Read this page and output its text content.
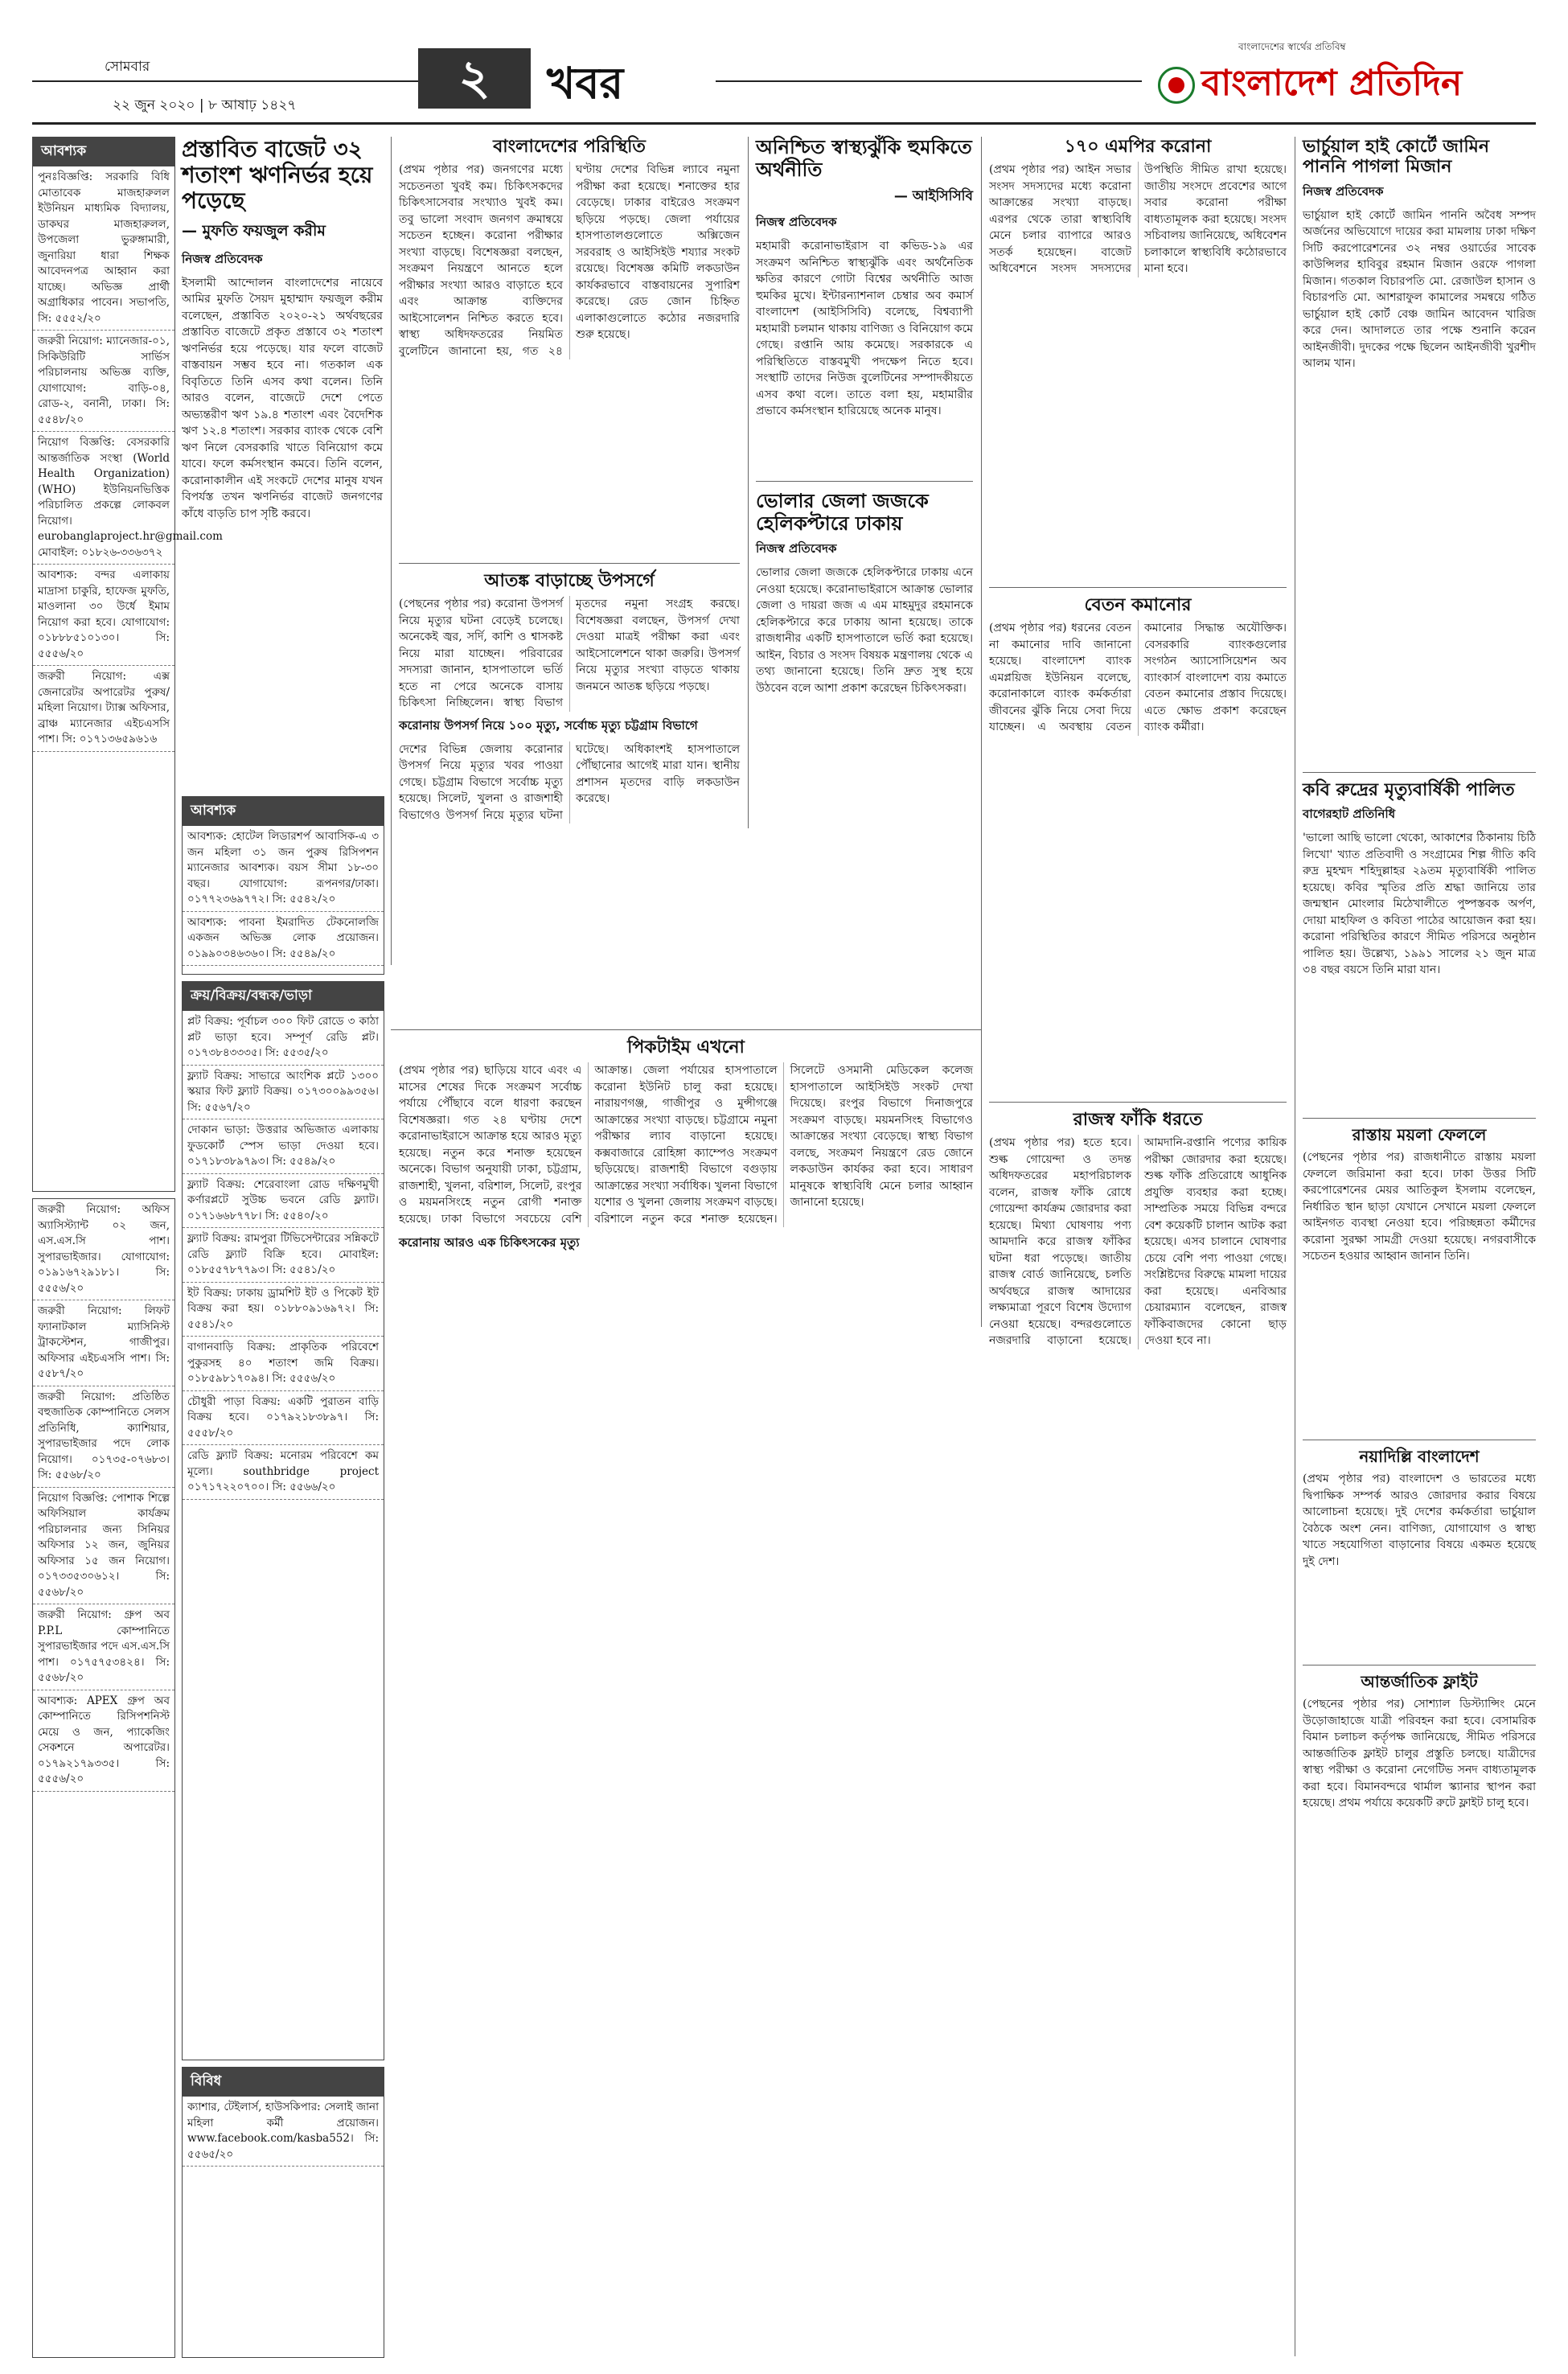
সোমবার
২২ জুন ২০২০ | ৮ আষাঢ় ১৪২৭	২	খবর
বাংলাদেশের স্বার্থের প্রতিবিম্ব
বাংলাদেশ প্রতিদিন
আবশ্যক

পুনঃবিজ্ঞপ্তি: সরকারি বিধি মোতাবেক মাজহারুলল ইউনিয়ন মাধ্যমিক বিদ্যালয়, ডাকঘর মাজহারুলল, উপজেলা ভুরুঙ্গামারী, জুনারিয়া ধারা শিক্ষক আবেদনপত্র আহ্বান করা যাচ্ছে। অভিজ্ঞ প্রার্থী অগ্রাধিকার পাবেন। সভাপতি, সি: ৫৫৫২/২০

জরুরী নিয়োগ: ম্যানেজার-০১, সিকিউরিটি সার্ভিস পরিচালনায় অভিজ্ঞ ব্যক্তি, যোগাযোগ: বাড়ি-০৪, রোড-২, বনানী, ঢাকা। সি: ৫৫৪৮/২০

নিয়োগ বিজ্ঞপ্তি: বেসরকারি আন্তর্জাতিক সংস্থা (World Health Organization) (WHO) ইউনিয়নভিত্তিক পরিচালিত প্রকল্পে লোকবল নিয়োগ। eurobanglaproject.hr@gmail.com মোবাইল: ০১৮২৬-৩৩৬৩৭২

আবশ্যক: বন্দর এলাকায় মাদ্রাসা চাকুরি, হাফেজ মুফতি, মাওলানা ৩০ উর্ধে ইমাম নিয়োগ করা হবে। যোগাযোগ: ০১৮৮৮৫১০১৩০। সি: ৫৫৫৬/২০

জরুরী নিয়োগ: এক্স জেনারেটর অপারেটর পুরুষ/মহিলা নিয়োগ। ট্যাক্স অফিসার, ব্রাঞ্চ ম্যানেজার এইচএসসি পাশ। সি: ০১৭১৩৬৫৯৬১৬

আবশ্যক

আবশ্যক: হোটেল লিডারশর্প আবাসিক-এ ৩ জন মহিলা ৩১ জন পুরুষ রিসিপশন ম্যানেজার আবশ্যক। বয়স সীমা ১৮-৩০ বছর। যোগাযোগ: রূপনগর/ঢাকা। ০১৭৭২৩৬৯৭৭২। সি: ৫৫৪২/২০

আবশ্যক: পাবনা ইমরাদিত টেকনোলজি একজন অভিজ্ঞ লোক প্রয়োজন। ০১৯৯০৩৪৬৩৬০। সি: ৫৫৪৯/২০

ক্রয়/বিক্রয়/বন্ধক/ভাড়া

প্লট বিক্রয়: পূর্বাচল ৩০০ ফিট রোডে ৩ কাঠা প্লট ভাড়া হবে। সম্পূর্ণ রেডি প্লট। ০১৭৩৮৪৩৩৩৫। সি: ৫৫৩৫/২০

ফ্ল্যাট বিক্রয়: সাভারে আংশিক প্লটে ১৩০০ স্কয়ার ফিট ফ্ল্যাট বিক্রয়। ০১৭৩০০৯৯৩৫৬। সি: ৫৫৬৭/২০

দোকান ভাড়া: উত্তরার অভিজাত এলাকায় ফুডকোর্ট স্পেস ভাড়া দেওয়া হবে। ০১৭১৮৩৮৯৭৯৩। সি: ৫৫৪৯/২০

ফ্ল্যাট বিক্রয়: শেরেবাংলা রোড দক্ষিণমুখী কর্ণারপ্লটে সুউচ্চ ভবনে রেডি ফ্ল্যাট। ০১৭১৬৬৮৭৭৮। সি: ৫৫৪০/২০

ফ্ল্যাট বিক্রয়: রামপুরা টিভিসেন্টারের সন্নিকটে রেডি ফ্ল্যাট বিক্রি হবে। মোবাইল: ০১৮৫৫৭৮৭৭৯৩। সি: ৫৫৪১/২০

ইট বিক্রয়: ঢাকায় ড্রামশিট ইট ও পিকেট ইট বিক্রয় করা হয়। ০১৮৮০৯১৬৯৭২। সি: ৫৫৪১/২০

বাগানবাড়ি বিক্রয়: প্রাকৃতিক পরিবেশে পুকুরসহ ৪০ শতাংশ জমি বিক্রয়। ০১৮৫৯৮১৭০৯৪। সি: ৫৫৫৬/২০

চৌধুরী পাড়া বিক্রয়: একটি পুরাতন বাড়ি বিক্রয় হবে। ০১৭৯২১৮৩৮৯৭। সি: ৫৫৫৮/২০

রেডি ফ্ল্যাট বিক্রয়: মনোরম পরিবেশে কম মূল্যে। southbridge project ০১৭১৭২২০৭০০। সি: ৫৫৬৬/২০

বিবিধ

ক্যাশার, টেইলার্স, হাউসকিপার: সেলাই জানা মহিলা কর্মী প্রয়োজন। www.facebook.com/kasba552। সি: ৫৫৬৫/২০

জরুরী নিয়োগ: অফিস অ্যাসিস্ট্যান্ট ০২ জন, এস.এস.সি পাশ। সুপারভাইজার। যোগাযোগ: ০১৯১৬৭২৯১৮১। সি: ৫৫৫৬/২০

জরুরী নিয়োগ: লিফট ফ্যানাটকাল ম্যাসিনিস্ট ট্রাকস্টেশন, গাজীপুর। অফিসার এইচএসসি পাশ। সি: ৫৫৮৭/২০

জরুরী নিয়োগ: প্রতিষ্ঠিত বহুজাতিক কোম্পানিতে সেলস প্রতিনিধি, ক্যাশিয়ার, সুপারভাইজার পদে লোক নিয়োগ। ০১৭৩৫-০৭৬৮৩। সি: ৫৫৬৮/২০

নিয়োগ বিজ্ঞপ্তি: পোশাক শিল্পে অফিসিয়াল কার্যক্রম পরিচালনার জন্য সিনিয়র অফিসার ১২ জন, জুনিয়র অফিসার ১৫ জন নিয়োগ। ০১৭৩৩৫৩০৬১২। সি: ৫৫৬৮/২০

জরুরী নিয়োগ: গ্রুপ অব P.P.L কোম্পানিতে সুপারভাইজার পদে এস.এস.সি পাশ। ০১৭৫৭৫৩৪২৪। সি: ৫৫৬৮/২০

আবশ্যক: APEX গ্রুপ অব কোম্পানিতে রিসিপশনিস্ট মেয়ে ও জন, প্যাকেজিং সেকশনে অপারেটর। ০১৭৯২১৭৯৩৩৫। সি: ৫৫৫৬/২০

প্রস্তাবিত বাজেট ৩২ শতাংশ ঋণনির্ভর হয়ে পড়েছে
— মুফতি ফয়জুল করীম
নিজস্ব প্রতিবেদক

ইসলামী আন্দোলন বাংলাদেশের নায়েবে আমির মুফতি সৈয়দ মুহাম্মাদ ফয়জুল করীম বলেছেন, প্রস্তাবিত ২০২০-২১ অর্থবছরের প্রস্তাবিত বাজেটে প্রকৃত প্রস্তাবে ৩২ শতাংশ ঋণনির্ভর হয়ে পড়েছে। যার ফলে বাজেট বাস্তবায়ন সম্ভব হবে না। গতকাল এক বিবৃতিতে তিনি এসব কথা বলেন। তিনি আরও বলেন, বাজেটে দেশে পেতে অভ্যন্তরীণ ঋণ ১৯.৪ শতাংশ এবং বৈদেশিক ঋণ ১২.৪ শতাংশ। সরকার ব্যাংক থেকে বেশি ঋণ নিলে বেসরকারি খাতে বিনিয়োগ কমে যাবে। ফলে কর্মসংস্থান কমবে। তিনি বলেন, করোনাকালীন এই সংকটে দেশের মানুষ যখন বিপর্যস্ত তখন ঋণনির্ভর বাজেট জনগণের কাঁধে বাড়তি চাপ সৃষ্টি করবে।

বাংলাদেশের পরিস্থিতি

(প্রথম পৃষ্ঠার পর) জনগণের মধ্যে সচেতনতা খুবই কম। চিকিৎসকদের চিকিৎসাসেবার সংখ্যাও খুবই কম। তবু ভালো সংবাদ জনগণ ক্রমান্বয়ে সচেতন হচ্ছেন। করোনা পরীক্ষার সংখ্যা বাড়ছে। বিশেষজ্ঞরা বলছেন, সংক্রমণ নিয়ন্ত্রণে আনতে হলে পরীক্ষার সংখ্যা আরও বাড়াতে হবে এবং আক্রান্ত ব্যক্তিদের আইসোলেশন নিশ্চিত করতে হবে। স্বাস্থ্য অধিদফতরের নিয়মিত বুলেটিনে জানানো হয়, গত ২৪ ঘণ্টায় দেশের বিভিন্ন ল্যাবে নমুনা পরীক্ষা করা হয়েছে। শনাক্তের হার বেড়েছে। ঢাকার বাইরেও সংক্রমণ ছড়িয়ে পড়ছে। জেলা পর্যায়ের হাসপাতালগুলোতে অক্সিজেন সরবরাহ ও আইসিইউ শয্যার সংকট রয়েছে। বিশেষজ্ঞ কমিটি লকডাউন কার্যকরভাবে বাস্তবায়নের সুপারিশ করেছে। রেড জোন চিহ্নিত এলাকাগুলোতে কঠোর নজরদারি শুরু হয়েছে।

অনিশ্চিত স্বাস্থ্যঝুঁকি হুমকিতে অর্থনীতি
— আইসিসিবি
নিজস্ব প্রতিবেদক

মহামারী করোনাভাইরাস বা কভিড-১৯ এর সংক্রমণ অনিশ্চিত স্বাস্থ্যঝুঁকি এবং অর্থনৈতিক ক্ষতির কারণে গোটা বিশ্বের অর্থনীতি আজ হুমকির মুখে। ইন্টারন্যাশনাল চেম্বার অব কমার্স বাংলাদেশ (আইসিসিবি) বলেছে, বিশ্বব্যাপী মহামারী চলমান থাকায় বাণিজ্য ও বিনিয়োগ কমে গেছে। রপ্তানি আয় কমেছে। সরকারকে এ পরিস্থিতিতে বাস্তবমুখী পদক্ষেপ নিতে হবে। সংস্থাটি তাদের নিউজ বুলেটিনের সম্পাদকীয়তে এসব কথা বলে। তাতে বলা হয়, মহামারীর প্রভাবে কর্মসংস্থান হারিয়েছে অনেক মানুষ।

ভোলার জেলা জজকে হেলিকপ্টারে ঢাকায়
নিজস্ব প্রতিবেদক

ভোলার জেলা জজকে হেলিকপ্টারে ঢাকায় এনে নেওয়া হয়েছে। করোনাভাইরাসে আক্রান্ত ভোলার জেলা ও দায়রা জজ এ এম মাহমুদুর রহমানকে হেলিকপ্টারে করে ঢাকায় আনা হয়েছে। তাকে রাজধানীর একটি হাসপাতালে ভর্তি করা হয়েছে। আইন, বিচার ও সংসদ বিষয়ক মন্ত্রণালয় থেকে এ তথ্য জানানো হয়েছে। তিনি দ্রুত সুস্থ হয়ে উঠবেন বলে আশা প্রকাশ করেছেন চিকিৎসকরা।

আতঙ্ক বাড়াচ্ছে উপসর্গে

(পেছনের পৃষ্ঠার পর) করোনা উপসর্গ নিয়ে মৃত্যুর ঘটনা বেড়েই চলেছে। অনেকেই জ্বর, সর্দি, কাশি ও শ্বাসকষ্ট নিয়ে মারা যাচ্ছেন। পরিবারের সদস্যরা জানান, হাসপাতালে ভর্তি হতে না পেরে অনেকে বাসায় চিকিৎসা নিচ্ছিলেন। স্বাস্থ্য বিভাগ মৃতদের নমুনা সংগ্রহ করছে। বিশেষজ্ঞরা বলছেন, উপসর্গ দেখা দেওয়া মাত্রই পরীক্ষা করা এবং আইসোলেশনে থাকা জরুরি। উপসর্গ নিয়ে মৃত্যুর সংখ্যা বাড়তে থাকায় জনমনে আতঙ্ক ছড়িয়ে পড়ছে।

করোনায় উপসর্গ নিয়ে ১০০ মৃত্যু, সর্বোচ্চ মৃত্যু চট্টগ্রাম বিভাগে

দেশের বিভিন্ন জেলায় করোনার উপসর্গ নিয়ে মৃত্যুর খবর পাওয়া গেছে। চট্টগ্রাম বিভাগে সর্বোচ্চ মৃত্যু হয়েছে। সিলেট, খুলনা ও রাজশাহী বিভাগেও উপসর্গ নিয়ে মৃত্যুর ঘটনা ঘটেছে। অধিকাংশই হাসপাতালে পৌঁছানোর আগেই মারা যান। স্থানীয় প্রশাসন মৃতদের বাড়ি লকডাউন করেছে।

১৭০ এমপির করোনা

(প্রথম পৃষ্ঠার পর) আইন সভার সংসদ সদস্যদের মধ্যে করোনা আক্রান্তের সংখ্যা বাড়ছে। এরপর থেকে তারা স্বাস্থ্যবিধি মেনে চলার ব্যাপারে আরও সতর্ক হয়েছেন। বাজেট অধিবেশনে সংসদ সদস্যদের উপস্থিতি সীমিত রাখা হয়েছে। জাতীয় সংসদে প্রবেশের আগে সবার করোনা পরীক্ষা বাধ্যতামূলক করা হয়েছে। সংসদ সচিবালয় জানিয়েছে, অধিবেশন চলাকালে স্বাস্থ্যবিধি কঠোরভাবে মানা হবে।

বেতন কমানোর

(প্রথম পৃষ্ঠার পর) ধরনের বেতন না কমানোর দাবি জানানো হয়েছে। বাংলাদেশ ব্যাংক এমপ্লয়িজ ইউনিয়ন বলেছে, করোনাকালে ব্যাংক কর্মকর্তারা জীবনের ঝুঁকি নিয়ে সেবা দিয়ে যাচ্ছেন। এ অবস্থায় বেতন কমানোর সিদ্ধান্ত অযৌক্তিক। বেসরকারি ব্যাংকগুলোর সংগঠন অ্যাসোসিয়েশন অব ব্যাংকার্স বাংলাদেশ ব্যয় কমাতে বেতন কমানোর প্রস্তাব দিয়েছে। এতে ক্ষোভ প্রকাশ করেছেন ব্যাংক কর্মীরা।

ভার্চুয়াল হাই কোর্টে জামিন পাননি পাগলা মিজান
নিজস্ব প্রতিবেদক

ভার্চুয়াল হাই কোর্টে জামিন পাননি অবৈধ সম্পদ অর্জনের অভিযোগে দায়ের করা মামলায় ঢাকা দক্ষিণ সিটি করপোরেশনের ৩২ নম্বর ওয়ার্ডের সাবেক কাউন্সিলর হাবিবুর রহমান মিজান ওরফে পাগলা মিজান। গতকাল বিচারপতি মো. রেজাউল হাসান ও বিচারপতি মো. আশরাফুল কামালের সমন্বয়ে গঠিত ভার্চুয়াল হাই কোর্ট বেঞ্চ জামিন আবেদন খারিজ করে দেন। আদালতে তার পক্ষে শুনানি করেন আইনজীবী। দুদকের পক্ষে ছিলেন আইনজীবী খুরশীদ আলম খান।

কবি রুদ্রের মৃত্যুবার্ষিকী পালিত
বাগেরহাট প্রতিনিধি

'ভালো আছি ভালো থেকো, আকাশের ঠিকানায় চিঠি লিখো' খ্যাত প্রতিবাদী ও সংগ্রামের শিল্প গীতি কবি রুদ্র মুহম্মদ শহিদুল্লাহর ২৯তম মৃত্যুবার্ষিকী পালিত হয়েছে। কবির স্মৃতির প্রতি শ্রদ্ধা জানিয়ে তার জন্মস্থান মোংলার মিঠেখালীতে পুষ্পস্তবক অর্পণ, দোয়া মাহফিল ও কবিতা পাঠের আয়োজন করা হয়। করোনা পরিস্থিতির কারণে সীমিত পরিসরে অনুষ্ঠান পালিত হয়। উল্লেখ্য, ১৯৯১ সালের ২১ জুন মাত্র ৩৪ বছর বয়সে তিনি মারা যান।

রাস্তায় ময়লা ফেললে

(পেছনের পৃষ্ঠার পর) রাজধানীতে রাস্তায় ময়লা ফেললে জরিমানা করা হবে। ঢাকা উত্তর সিটি করপোরেশনের মেয়র আতিকুল ইসলাম বলেছেন, নির্ধারিত স্থান ছাড়া যেখানে সেখানে ময়লা ফেললে আইনগত ব্যবস্থা নেওয়া হবে। পরিচ্ছন্নতা কর্মীদের করোনা সুরক্ষা সামগ্রী দেওয়া হয়েছে। নগরবাসীকে সচেতন হওয়ার আহ্বান জানান তিনি।

নয়াদিল্লি বাংলাদেশ

(প্রথম পৃষ্ঠার পর) বাংলাদেশ ও ভারতের মধ্যে দ্বিপাক্ষিক সম্পর্ক আরও জোরদার করার বিষয়ে আলোচনা হয়েছে। দুই দেশের কর্মকর্তারা ভার্চুয়াল বৈঠকে অংশ নেন। বাণিজ্য, যোগাযোগ ও স্বাস্থ্য খাতে সহযোগিতা বাড়ানোর বিষয়ে একমত হয়েছে দুই দেশ।

আন্তর্জাতিক ফ্লাইট

(পেছনের পৃষ্ঠার পর) সোশ্যাল ডিস্ট্যান্সিং মেনে উড়োজাহাজে যাত্রী পরিবহন করা হবে। বেসামরিক বিমান চলাচল কর্তৃপক্ষ জানিয়েছে, সীমিত পরিসরে আন্তর্জাতিক ফ্লাইট চালুর প্রস্তুতি চলছে। যাত্রীদের স্বাস্থ্য পরীক্ষা ও করোনা নেগেটিভ সনদ বাধ্যতামূলক করা হবে। বিমানবন্দরে থার্মাল স্ক্যানার স্থাপন করা হয়েছে। প্রথম পর্যায়ে কয়েকটি রুটে ফ্লাইট চালু হবে।

পিকটাইম এখনো

(প্রথম পৃষ্ঠার পর) ছাড়িয়ে যাবে এবং এ মাসের শেষের দিকে সংক্রমণ সর্বোচ্চ পর্যায়ে পৌঁছাবে বলে ধারণা করছেন বিশেষজ্ঞরা। গত ২৪ ঘণ্টায় দেশে করোনাভাইরাসে আক্রান্ত হয়ে আরও মৃত্যু হয়েছে। নতুন করে শনাক্ত হয়েছেন অনেকে। বিভাগ অনুযায়ী ঢাকা, চট্টগ্রাম, রাজশাহী, খুলনা, বরিশাল, সিলেট, রংপুর ও ময়মনসিংহে নতুন রোগী শনাক্ত হয়েছে। ঢাকা বিভাগে সবচেয়ে বেশি আক্রান্ত। জেলা পর্যায়ের হাসপাতালে করোনা ইউনিট চালু করা হয়েছে। নারায়ণগঞ্জ, গাজীপুর ও মুন্সীগঞ্জে আক্রান্তের সংখ্যা বাড়ছে। চট্টগ্রামে নমুনা পরীক্ষার ল্যাব বাড়ানো হয়েছে। কক্সবাজারে রোহিঙ্গা ক্যাম্পেও সংক্রমণ ছড়িয়েছে। রাজশাহী বিভাগে বগুড়ায় আক্রান্তের সংখ্যা সর্বাধিক। খুলনা বিভাগে যশোর ও খুলনা জেলায় সংক্রমণ বাড়ছে। বরিশালে নতুন করে শনাক্ত হয়েছেন। সিলেটে ওসমানী মেডিকেল কলেজ হাসপাতালে আইসিইউ সংকট দেখা দিয়েছে। রংপুর বিভাগে দিনাজপুরে সংক্রমণ বাড়ছে। ময়মনসিংহ বিভাগেও আক্রান্তের সংখ্যা বেড়েছে। স্বাস্থ্য বিভাগ বলছে, সংক্রমণ নিয়ন্ত্রণে রেড জোনে লকডাউন কার্যকর করা হবে। সাধারণ মানুষকে স্বাস্থ্যবিধি মেনে চলার আহ্বান জানানো হয়েছে।

করোনায় আরও এক চিকিৎসকের মৃত্যু
রাজস্ব ফাঁকি ধরতে

(প্রথম পৃষ্ঠার পর) হতে হবে। শুল্ক গোয়েন্দা ও তদন্ত অধিদফতরের মহাপরিচালক বলেন, রাজস্ব ফাঁকি রোধে গোয়েন্দা কার্যক্রম জোরদার করা হয়েছে। মিথ্যা ঘোষণায় পণ্য আমদানি করে রাজস্ব ফাঁকির ঘটনা ধরা পড়েছে। জাতীয় রাজস্ব বোর্ড জানিয়েছে, চলতি অর্থবছরে রাজস্ব আদায়ের লক্ষ্যমাত্রা পূরণে বিশেষ উদ্যোগ নেওয়া হয়েছে। বন্দরগুলোতে নজরদারি বাড়ানো হয়েছে। আমদানি-রপ্তানি পণ্যের কায়িক পরীক্ষা জোরদার করা হয়েছে। শুল্ক ফাঁকি প্রতিরোধে আধুনিক প্রযুক্তি ব্যবহার করা হচ্ছে। সাম্প্রতিক সময়ে বিভিন্ন বন্দরে বেশ কয়েকটি চালান আটক করা হয়েছে। এসব চালানে ঘোষণার চেয়ে বেশি পণ্য পাওয়া গেছে। সংশ্লিষ্টদের বিরুদ্ধে মামলা দায়ের করা হয়েছে। এনবিআর চেয়ারম্যান বলেছেন, রাজস্ব ফাঁকিবাজদের কোনো ছাড় দেওয়া হবে না।
